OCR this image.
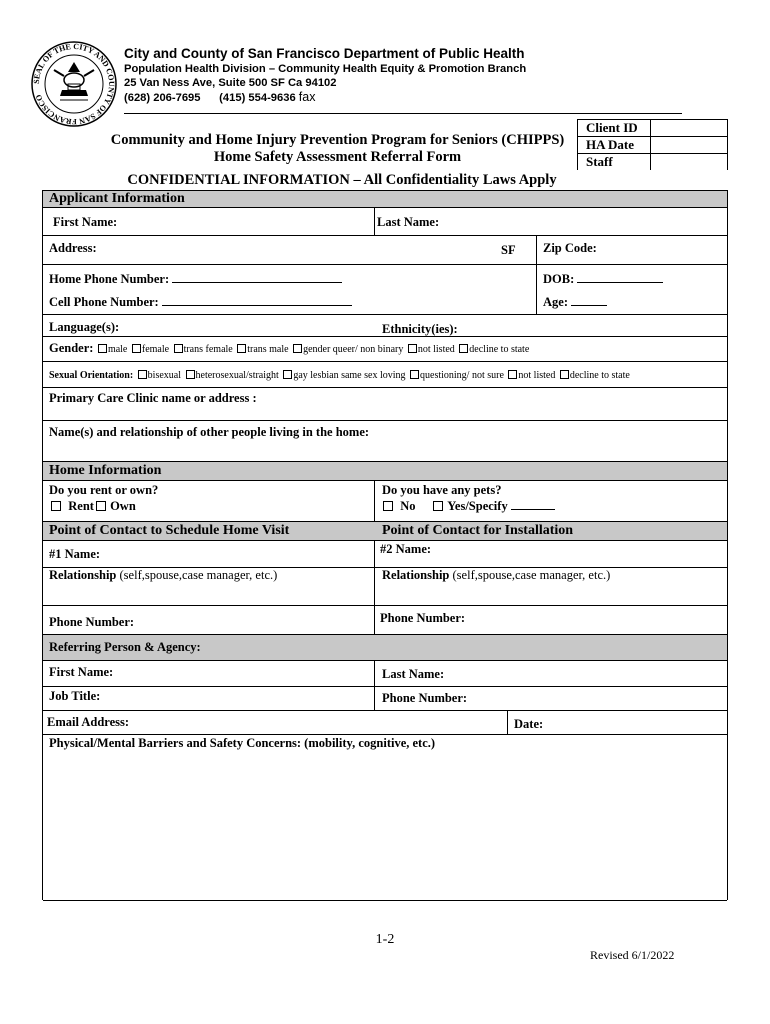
SEAL OF THE CITY AND COUNTY OF SAN FRANCISCO
City and County of San Francisco Department of Public Health
Population Health Division – Community Health Equity & Promotion Branch
25 Van Ness Ave, Suite 500 SF Ca 94102
(628) 206-7695 (415) 554-9636 fax
Community and Home Injury Prevention Program for Seniors (CHIPPS)
Home Safety Assessment Referral Form
CONFIDENTIAL INFORMATION – All Confidentiality Laws Apply
Client ID	
HA Date	
Staff	
Applicant Information
First Name:	Last Name:
Address:	SF Zip Code:
Home Phone Number:
Cell Phone Number:
DOB:
Age:
Language(s):	Ethnicity(ies):
Gender: male female trans female trans male gender queer/ non binary not listed decline to state
Sexual Orientation: bisexual heterosexual/straight gay lesbian same sex loving questioning/ not sure not listed decline to state
Primary Care Clinic name or address :
Name(s) and relationship of other people living in the home:
Home Information
Do you rent or own?
Rent Own
Do you have any pets?
No	Yes/Specify
Point of Contact to Schedule Home Visit	Point of Contact for Installation
#1 Name:	#2 Name:
Relationship (self,spouse,case manager, etc.)	Relationship (self,spouse,case manager, etc.)
Phone Number:	Phone Number:
Referring Person & Agency:
First Name:	Last Name:
Job Title:	Phone Number:
Email Address:	Date:
Physical/Mental Barriers and Safety Concerns: (mobility, cognitive, etc.)
1-2
Revised 6/1/2022
